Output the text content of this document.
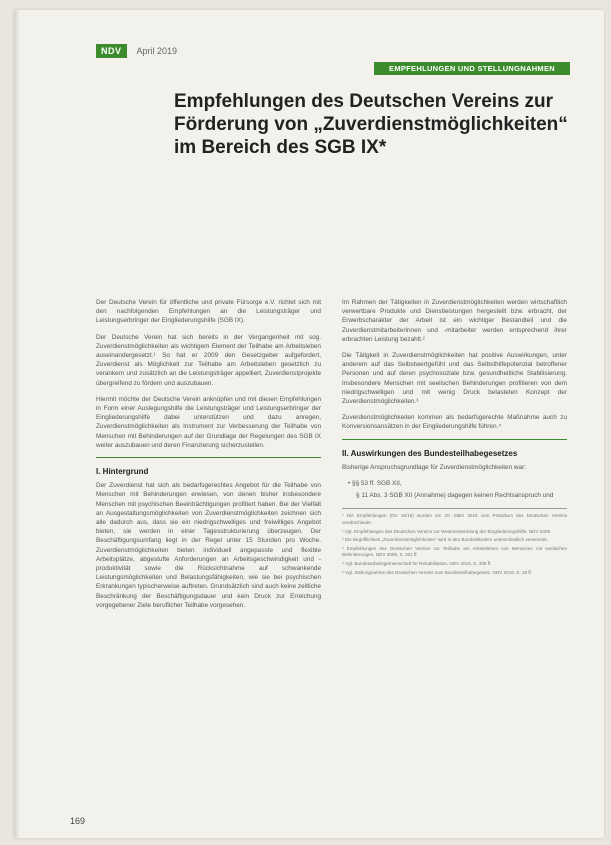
NDV	April 2019
EMPFEHLUNGEN UND STELLUNGNAHMEN
Empfehlungen des Deutschen Vereins zur Förderung von „Zuverdienstmöglichkeiten“ im Bereich des SGB IX*

Der Deutsche Verein für öffentliche und private Fürsorge e.V. richtet sich mit den nachfolgenden Empfehlungen an die Leistungsträger und Leistungserbringer der Eingliederungshilfe (SGB IX).

Der Deutsche Verein hat sich bereits in der Vergangenheit mit sog. Zuverdienstmöglichkeiten als wichtigem Element der Teilhabe am Arbeitsleben auseinandergesetzt.¹ So hat er 2009 den Gesetzgeber aufgefordert, Zuverdienst als Möglichkeit zur Teilhabe am Arbeitsleben gesetzlich zu verankern und zusätzlich an die Leistungsträger appelliert, Zuverdienstprojekte übergreifend zu fördern und auszubauen.

Hiermit möchte der Deutsche Verein anknüpfen und mit diesen Empfehlungen in Form einer Auslegungshilfe die Leistungsträger und Leistungserbringer der Eingliederungshilfe dabei unterstützen und dazu anregen, Zuverdienstmöglichkeiten als Instrument zur Verbesserung der Teilhabe von Menschen mit Behinderungen auf der Grundlage der Regelungen des SGB IX weiter auszubauen und deren Finanzierung sicherzustellen.

I. Hintergrund

Der Zuverdienst hat sich als bedarfsgerechtes Angebot für die Teilhabe von Menschen mit Behinderungen erwiesen, von denen bisher insbesondere Menschen mit psychischen Beeinträchtigungen profitiert haben. Bei der Vielfalt an Ausgestaltungsmöglichkeiten von Zuverdienstmöglichkeiten zeichnen sich alle dadurch aus, dass sie ein niedrigschwelliges und freiwilliges Angebot bieten, sie werden in einer Tagesstrukturierung überzeugen. Der Beschäftigungsumfang liegt in der Regel unter 15 Stunden pro Woche. Zuverdienstmöglichkeiten bieten individuell angepasste und flexible Arbeitsplätze, abgestufte Anforderungen an Arbeitsgeschwindigkeit und -produktivität sowie die Rücksichtnahme auf schwankende Leistungsmöglichkeiten und Belastungsfähigkeiten, wie sie bei psychischen Erkrankungen typischerweise auftreten. Grundsätzlich sind auch keine zeitliche Beschränkung der Beschäftigungsdauer und kein Druck zur Erreichung vorgegebener Ziele beruflicher Teilhabe vorgesehen.

Im Rahmen der Tätigkeiten in Zuverdienstmöglichkeiten werden wirtschaftlich verwertbare Produkte und Dienstleistungen hergestellt bzw. erbracht, der Erwerbscharakter der Arbeit ist ein wichtiger Bestandteil und die Zuverdienstmitarbeiterinnen und -mitarbeiter werden entsprechend ihrer erbrachten Leistung bezahlt.²

Die Tätigkeit in Zuverdienstmöglichkeiten hat positive Auswirkungen, unter anderem auf das Selbstwertgefühl und das Selbsthilfepotenzial betroffener Personen und auf deren psychosoziale bzw. gesundheitliche Stabilisierung. Insbesondere Menschen mit seelischen Behinderungen profitieren von dem niedrigschwelligen und mit wenig Druck belasteten Konzept der Zuverdienstmöglichkeiten.³

Zuverdienstmöglichkeiten kommen als bedarfsgerechte Maßnahme auch zu Konversionsansätzen in der Eingliederungshilfe führen.⁴

II. Auswirkungen des Bundesteilhabegesetzes

Bisherige Anspruchsgrundlage für Zuverdienstmöglichkeiten war:

• §§ 53 ff. SGB XII,
§ 11 Abs. 3 SGB XII (Annahme) dagegen keinen Rechtsanspruch und
* Die Empfehlungen (DV 16/18) wurden am 20. März 2019 vom Präsidium des Deutschen Vereins verabschiedet.
¹ Vgl. Empfehlungen des Deutschen Vereins zur Weiterentwicklung der Eingliederungshilfe, NDV 2009.
² Die Begrifflichkeit „Zuverdienstmöglichkeiten“ wird in den Bundesländern unterschiedlich verwendet.
³ Empfehlungen des Deutschen Vereins zur Teilhabe am Arbeitsleben von Menschen mit seelischen Behinderungen, NDV 2009, S. 201 ff.
⁴ Vgl. Bundesarbeitsgemeinschaft für Rehabilitation, NDV 2018, S. 306 ff.
⁵ Vgl. Stellungnahme des Deutschen Vereins zum Bundesteilhabegesetz, NDV 2016, S. 18 ff.
169
